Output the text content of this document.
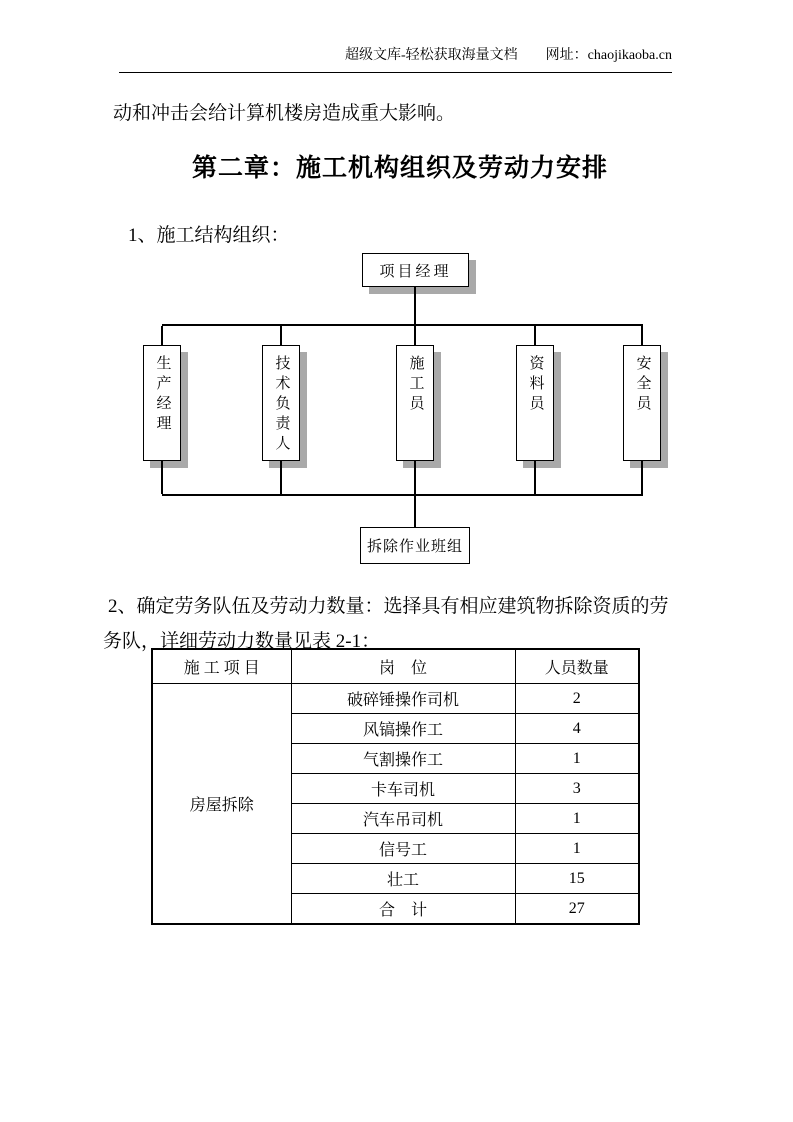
超级文库-轻松获取海量文档 网址：chaojikaoba.cn
动和冲击会给计算机楼房造成重大影响。
第二章：施工机构组织及劳动力安排
1、施工结构组织：
项目经理
生产经理	技术负责人	施工员	资料员	安全员
拆除作业班组
2、确定劳务队伍及劳动力数量：选择具有相应建筑物拆除资质的劳
务队，详细劳动力数量见表 2-1：
施 工 项 目	岗　位	人员数量
房屋拆除	破碎锤操作司机	2
	风镐操作工	4
	气割操作工	1
	卡车司机	3
	汽车吊司机	1
	信号工	1
	壮工	15
	合　计	27
